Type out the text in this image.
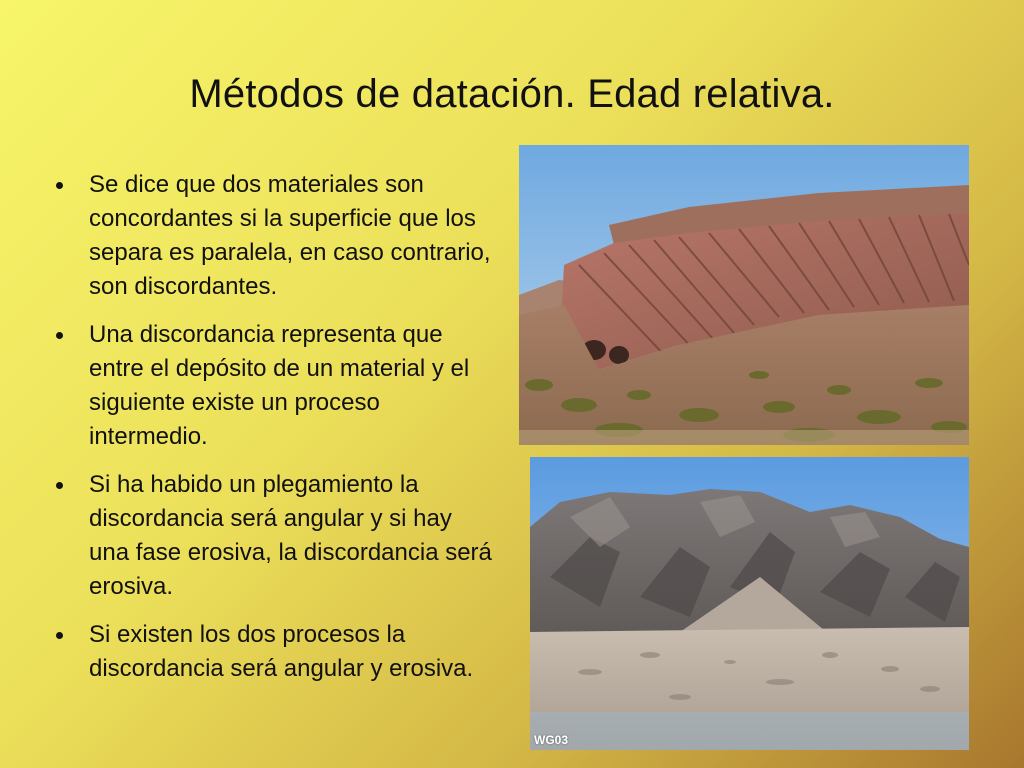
Métodos de datación. Edad relativa.
Se dice que dos materiales son concordantes si la superficie que los separa es paralela, en caso contrario, son discordantes.
Una discordancia representa que entre el depósito de un material y el siguiente existe un proceso intermedio.
Si ha habido un plegamiento la discordancia será angular y si hay una fase erosiva, la discordancia será erosiva.
Si existen los dos procesos la discordancia será angular y erosiva.
WG03
